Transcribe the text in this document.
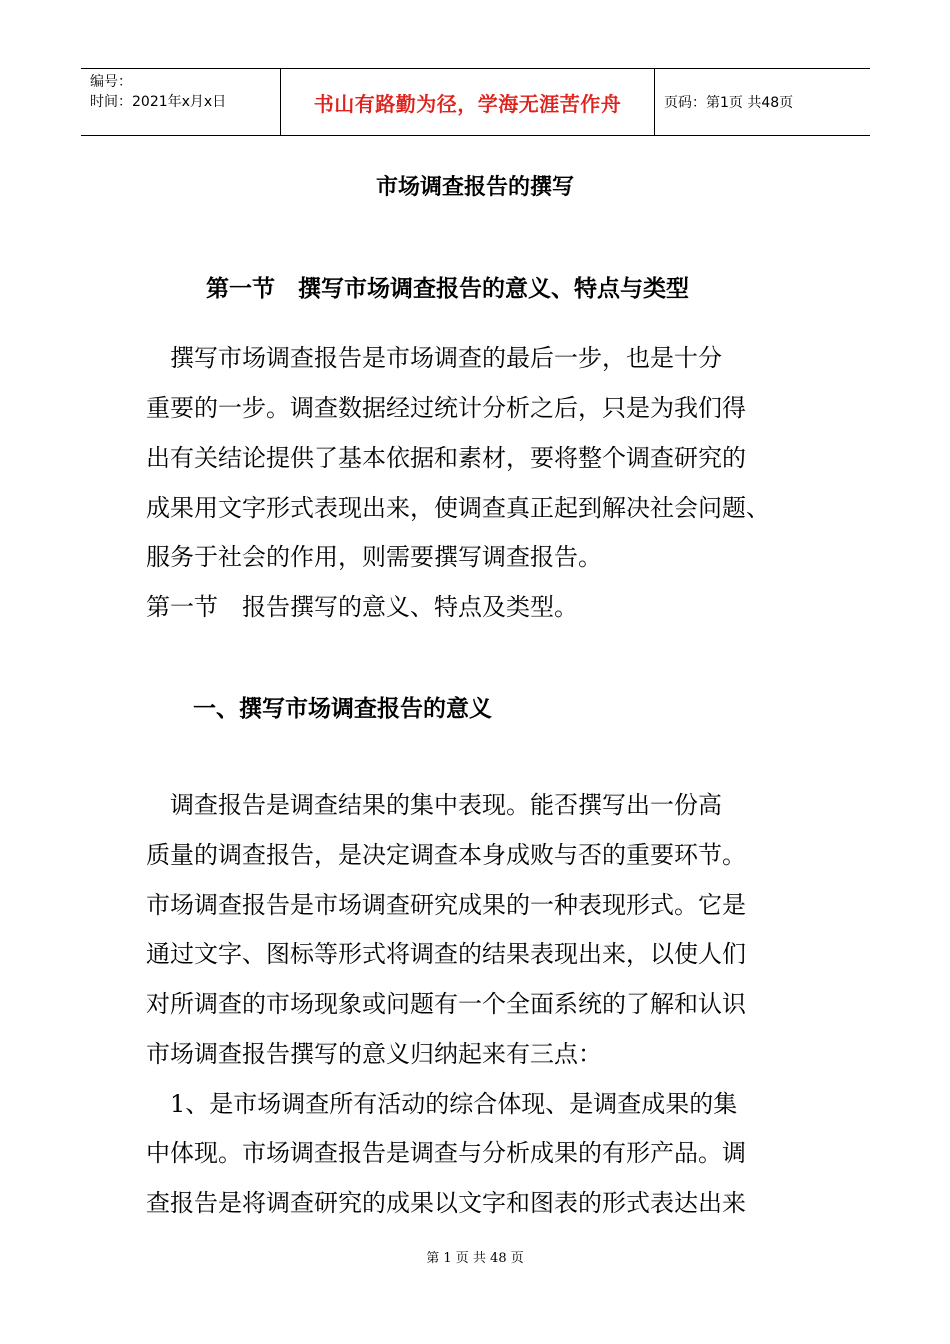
编号：
时间：2021年x月x日	书山有路勤为径，学海无涯苦作舟	页码：第1页 共48页
市场调查报告的撰写
第一节　撰写市场调查报告的意义、特点与类型
　撰写市场调查报告是市场调查的最后一步，也是十分
重要的一步。调查数据经过统计分析之后，只是为我们得
出有关结论提供了基本依据和素材，要将整个调查研究的
成果用文字形式表现出来，使调查真正起到解决社会问题、
服务于社会的作用，则需要撰写调查报告。
第一节　报告撰写的意义、特点及类型。
一、撰写市场调查报告的意义
　调查报告是调查结果的集中表现。能否撰写出一份高
质量的调查报告，是决定调查本身成败与否的重要环节。
市场调查报告是市场调查研究成果的一种表现形式。它是
通过文字、图标等形式将调查的结果表现出来，以使人们
对所调查的市场现象或问题有一个全面系统的了解和认识
市场调查报告撰写的意义归纳起来有三点：
　1、是市场调查所有活动的综合体现、是调查成果的集
中体现。市场调查报告是调查与分析成果的有形产品。调
查报告是将调查研究的成果以文字和图表的形式表达出来
第 1 页 共 48 页
